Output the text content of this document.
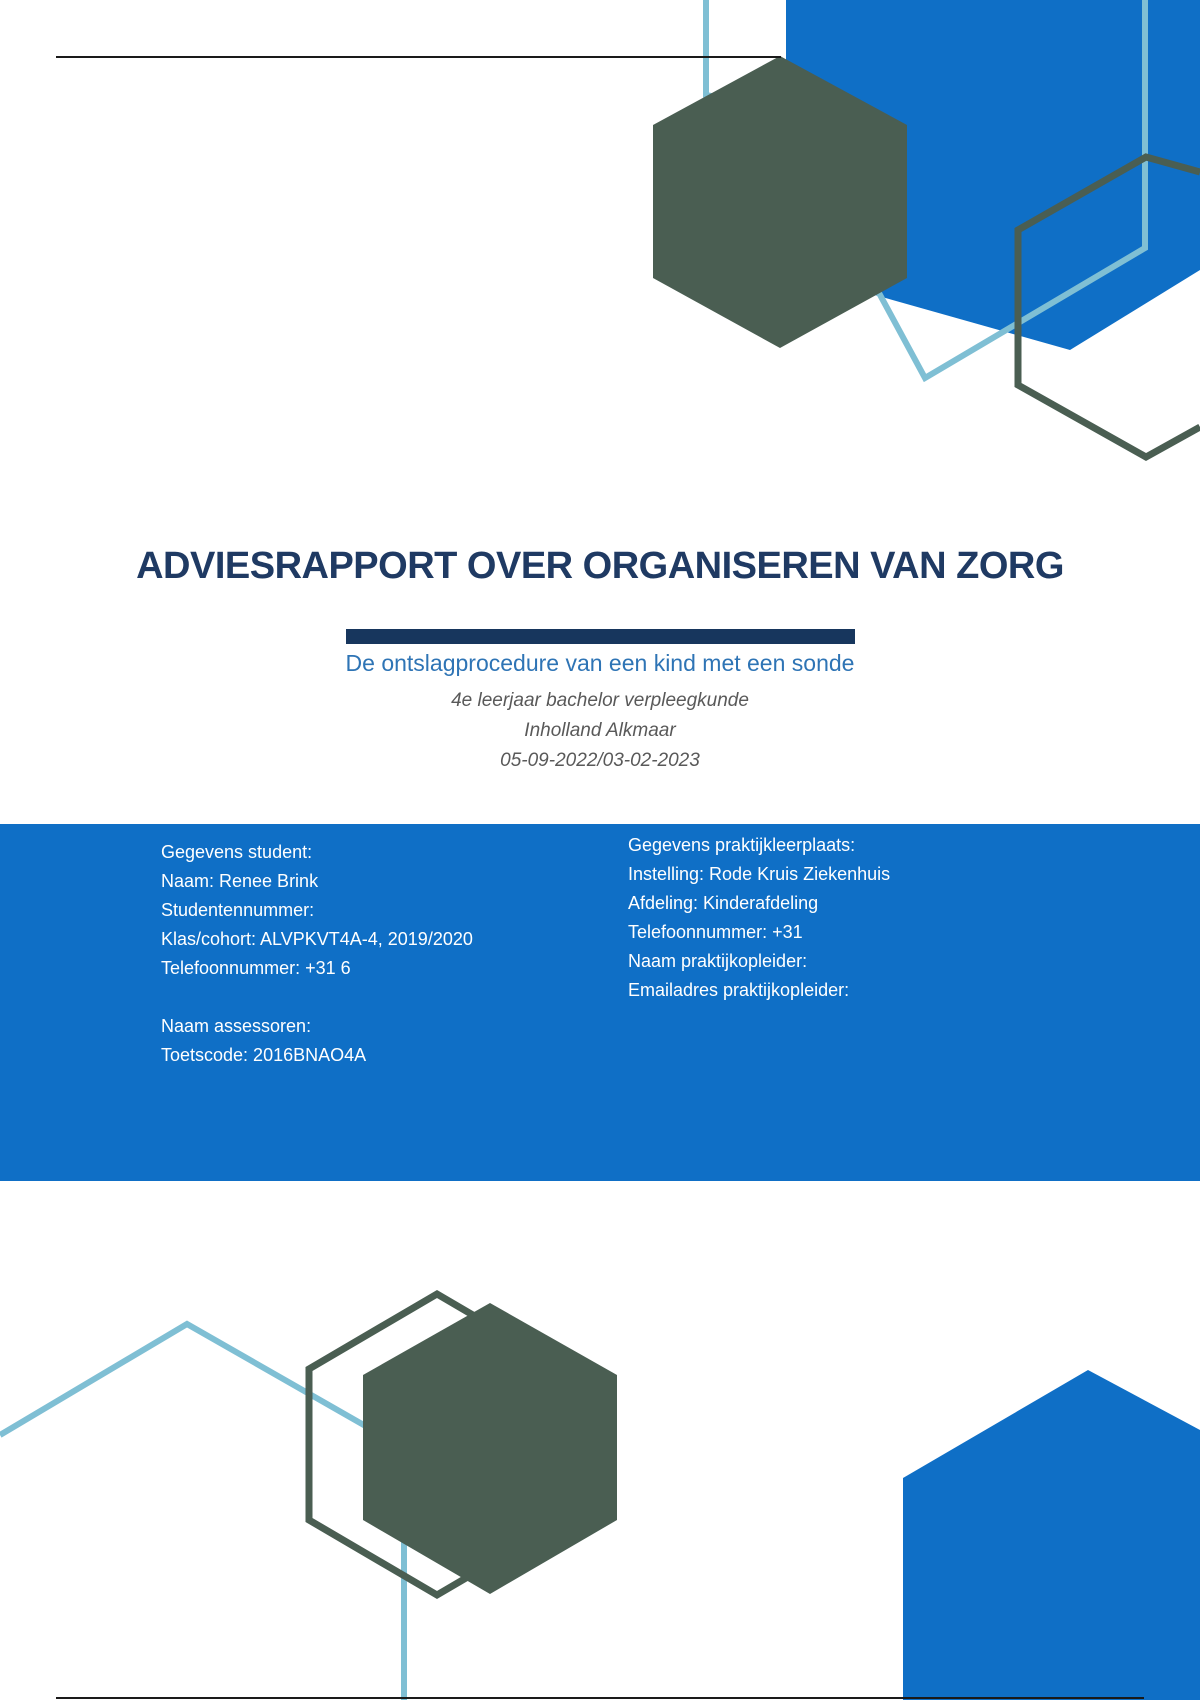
ADVIESRAPPORT OVER ORGANISEREN VAN ZORG
De ontslagprocedure van een kind met een sonde
4e leerjaar bachelor verpleegkunde
Inholland Alkmaar
05-09-2022/03-02-2023
Gegevens student:
Naam: Renee Brink
Studentennummer:
Klas/cohort: ALVPKVT4A-4, 2019/2020
Telefoonnummer: +31 6
Naam assessoren:
Toetscode: 2016BNAO4A
Gegevens praktijkleerplaats:
Instelling: Rode Kruis Ziekenhuis
Afdeling: Kinderafdeling
Telefoonnummer: +31
Naam praktijkopleider:
Emailadres praktijkopleider:
